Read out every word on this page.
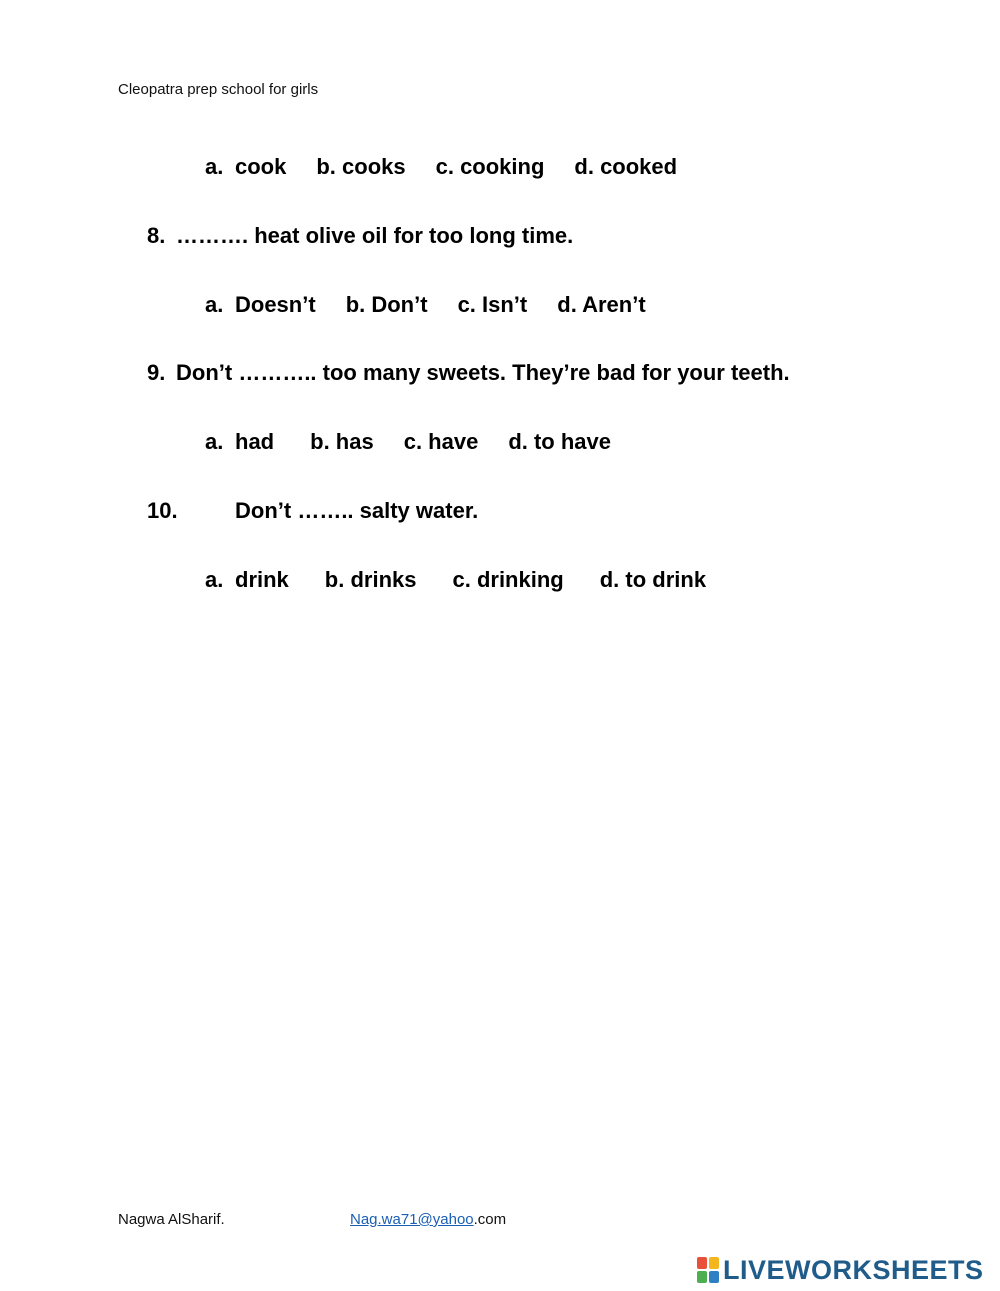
Cleopatra prep school for girls
a. cook b. cooks c. cooking d. cooked
8. ………. heat olive oil for too long time.
a. Doesn’t b. Don’t c. Isn’t d. Aren’t
9. Don’t ……….. too many sweets. They’re bad for your teeth.
a. had b. has c. have d. to have
10.	Don’t …….. salty water.
a. drink b. drinks c. drinking d. to drink
Nagwa AlSharif.	Nag.wa71@yahoo.com
LIVEWORKSHEETS
